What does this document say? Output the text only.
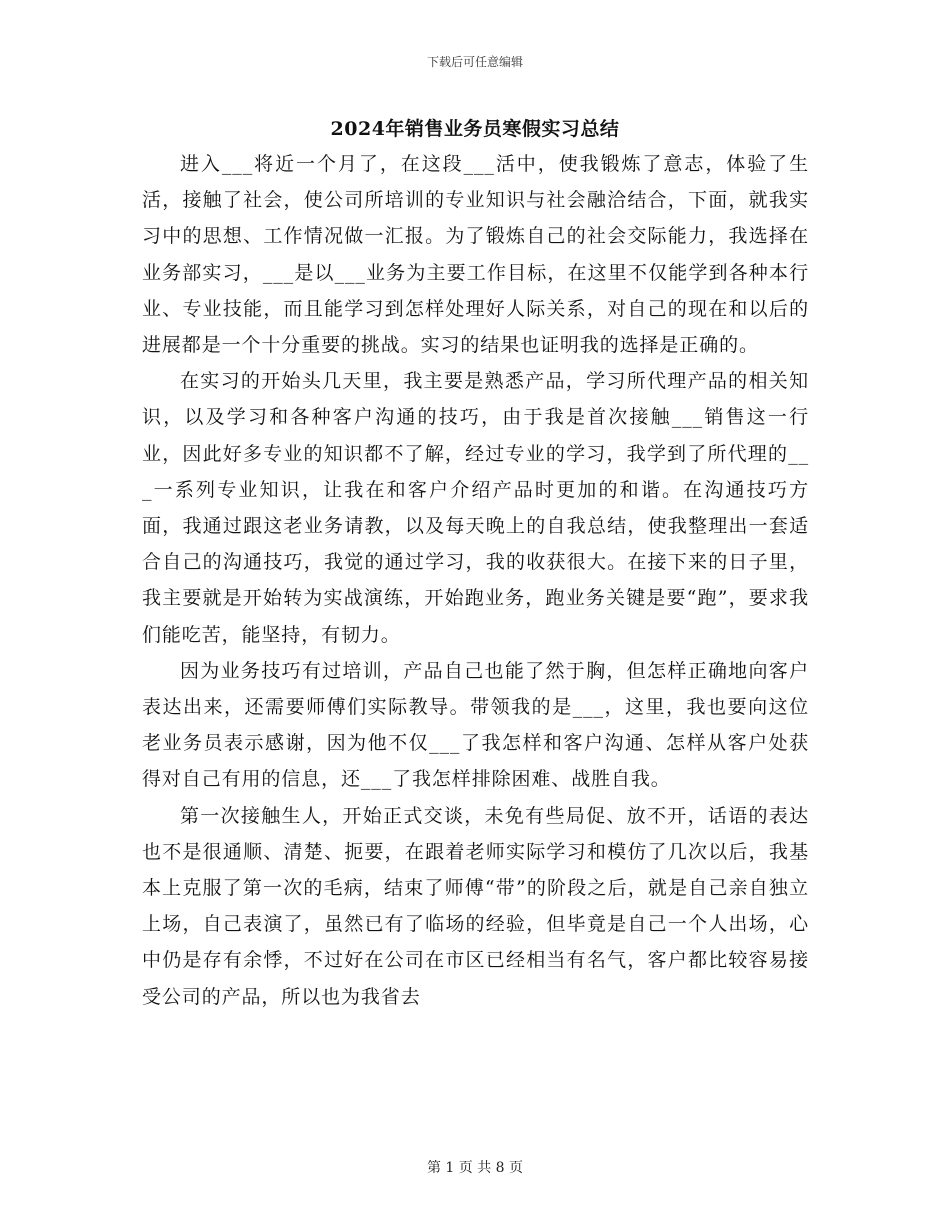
下载后可任意编辑
2024年销售业务员寒假实习总结

进入___将近一个月了，在这段___活中，使我锻炼了意志，体验了生活，接触了社会，使公司所培训的专业知识与社会融洽结合，下面，就我实习中的思想、工作情况做一汇报。为了锻炼自己的社会交际能力，我选择在业务部实习，___是以___业务为主要工作目标，在这里不仅能学到各种本行业、专业技能，而且能学习到怎样处理好人际关系，对自己的现在和以后的进展都是一个十分重要的挑战。实习的结果也证明我的选择是正确的。

在实习的开始头几天里，我主要是熟悉产品，学习所代理产品的相关知识，以及学习和各种客户沟通的技巧，由于我是首次接触___销售这一行业，因此好多专业的知识都不了解，经过专业的学习，我学到了所代理的___一系列专业知识，让我在和客户介绍产品时更加的和谐。在沟通技巧方面，我通过跟这老业务请教，以及每天晚上的自我总结，使我整理出一套适合自己的沟通技巧，我觉的通过学习，我的收获很大。在接下来的日子里，我主要就是开始转为实战演练，开始跑业务，跑业务关键是要“跑”，要求我们能吃苦，能坚持，有韧力。

因为业务技巧有过培训，产品自己也能了然于胸，但怎样正确地向客户表达出来，还需要师傅们实际教导。带领我的是___，这里，我也要向这位老业务员表示感谢，因为他不仅___了我怎样和客户沟通、怎样从客户处获得对自己有用的信息，还___了我怎样排除困难、战胜自我。

第一次接触生人，开始正式交谈，未免有些局促、放不开，话语的表达也不是很通顺、清楚、扼要，在跟着老师实际学习和模仿了几次以后，我基本上克服了第一次的毛病，结束了师傅“带”的阶段之后，就是自己亲自独立上场，自己表演了，虽然已有了临场的经验，但毕竟是自己一个人出场，心中仍是存有余悸，不过好在公司在市区已经相当有名气，客户都比较容易接受公司的产品，所以也为我省去

第 1 页 共 8 页
